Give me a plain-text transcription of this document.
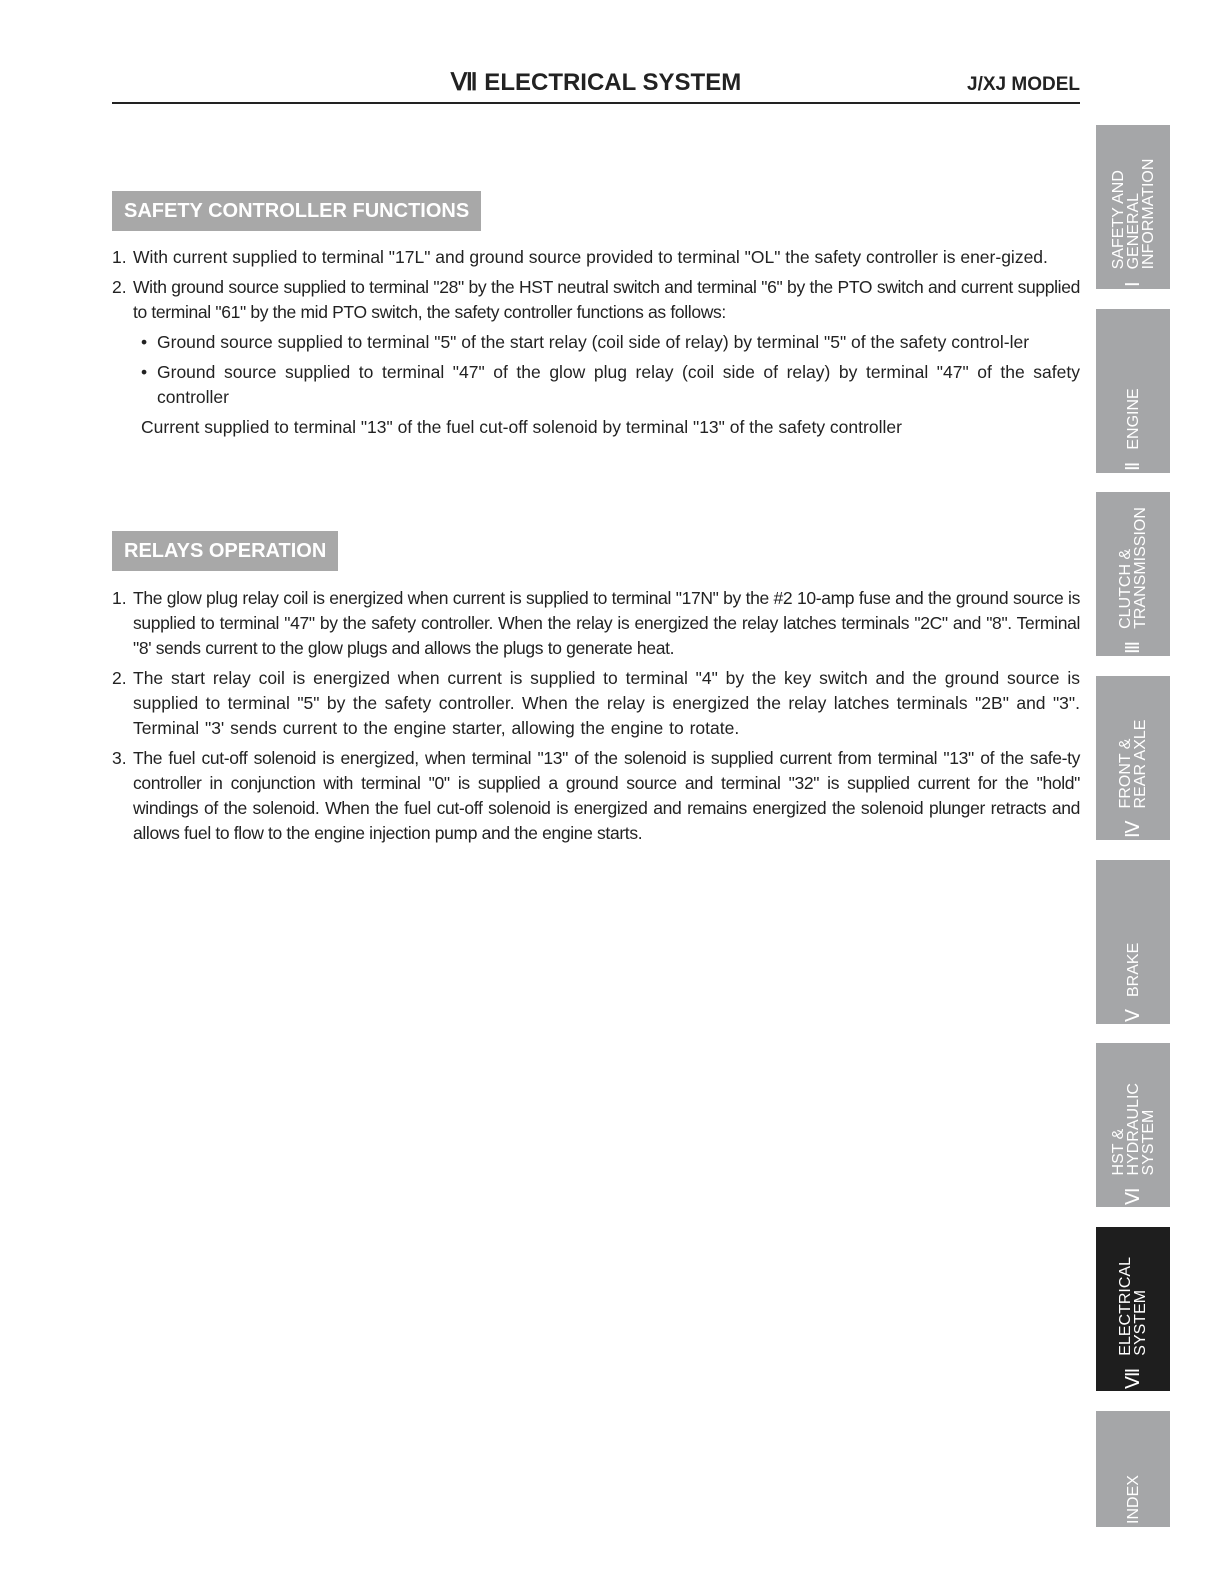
Ⅶ ELECTRICAL SYSTEM	J/XJ MODEL
SAFETY CONTROLLER FUNCTIONS
1. With current supplied to terminal "17L" and ground source provided to terminal "OL" the safety controller is ener-gized.
2. With ground source supplied to terminal "28" by the HST neutral switch and terminal "6" by the PTO switch and current supplied to terminal "61" by the mid PTO switch, the safety controller functions as follows:
• Ground source supplied to terminal "5" of the start relay (coil side of relay) by terminal "5" of the safety control-ler
• Ground source supplied to terminal "47" of the glow plug relay (coil side of relay) by terminal "47" of the safety controller
Current supplied to terminal "13" of the fuel cut-off solenoid by terminal "13" of the safety controller
RELAYS OPERATION
1. The glow plug relay coil is energized when current is supplied to terminal "17N" by the #2 10-amp fuse and the ground source is supplied to terminal "47" by the safety controller. When the relay is energized the relay latches terminals "2C" and "8". Terminal "8' sends current to the glow plugs and allows the plugs to generate heat.
2. The start relay coil is energized when current is supplied to terminal "4" by the key switch and the ground source is supplied to terminal "5" by the safety controller. When the relay is energized the relay latches terminals "2B" and "3". Terminal "3' sends current to the engine starter, allowing the engine to rotate.
3. The fuel cut-off solenoid is energized, when terminal "13" of the solenoid is supplied current from terminal "13" of the safe-ty controller in conjunction with terminal "0" is supplied a ground source and terminal "32" is supplied current for the "hold" windings of the solenoid. When the fuel cut-off solenoid is energized and remains energized the solenoid plunger retracts and allows fuel to flow to the engine injection pump and the engine starts.
Ⅰ
SAFETY AND
GENERAL
INFORMATION
Ⅱ
ENGINE
Ⅲ
CLUTCH &
TRANSMISSION
Ⅳ
FRONT &
REAR AXLE
Ⅴ
BRAKE
Ⅵ
HST &
HYDRAULIC
SYSTEM
Ⅶ
ELECTRICAL
SYSTEM
Ⅷ
INDEX
